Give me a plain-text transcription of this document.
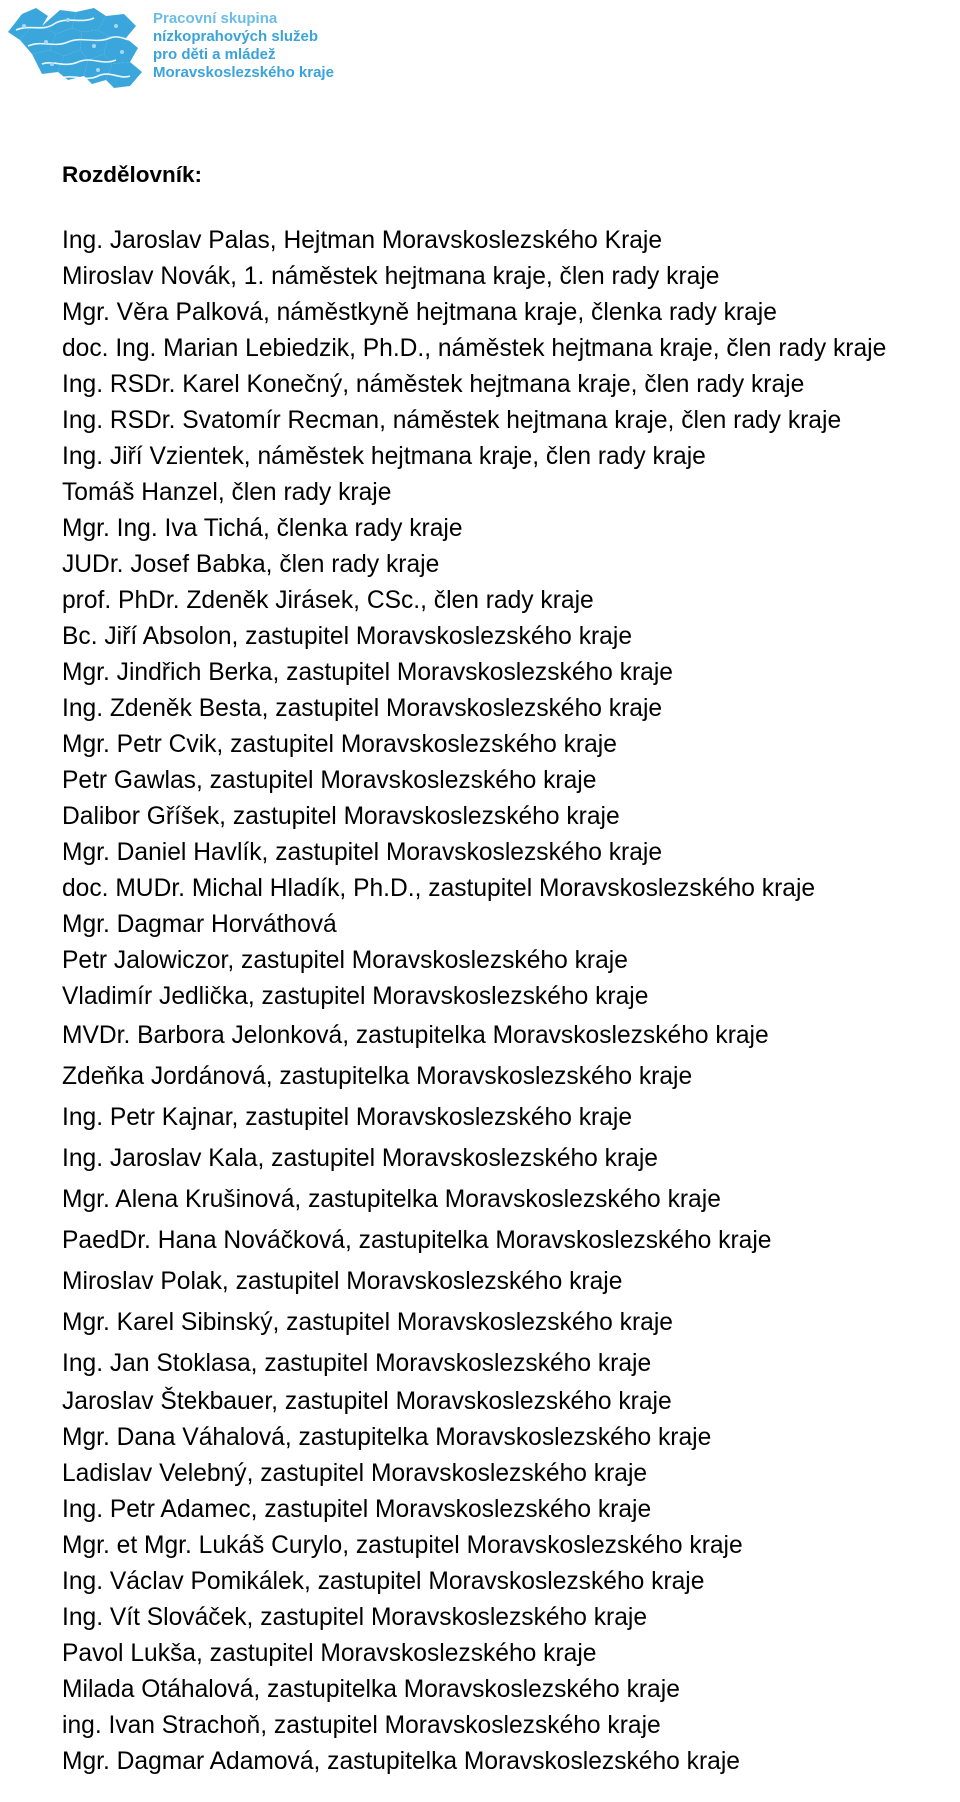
Pracovní skupina
nízkoprahových služeb
pro děti a mládež
Moravskoslezského kraje
Rozdělovník:
Ing. Jaroslav Palas, Hejtman Moravskoslezského Kraje
Miroslav Novák, 1. náměstek hejtmana kraje, člen rady kraje
Mgr. Věra Palková, náměstkyně hejtmana kraje, členka rady kraje
doc. Ing. Marian Lebiedzik, Ph.D., náměstek hejtmana kraje, člen rady kraje
Ing. RSDr. Karel Konečný, náměstek hejtmana kraje, člen rady kraje
Ing. RSDr. Svatomír Recman, náměstek hejtmana kraje, člen rady kraje
Ing. Jiří Vzientek, náměstek hejtmana kraje, člen rady kraje
Tomáš Hanzel, člen rady kraje
Mgr. Ing. Iva Tichá, členka rady kraje
JUDr. Josef Babka, člen rady kraje
prof. PhDr. Zdeněk Jirásek, CSc., člen rady kraje
Bc. Jiří Absolon, zastupitel Moravskoslezského kraje
Mgr. Jindřich Berka, zastupitel Moravskoslezského kraje
Ing. Zdeněk Besta, zastupitel Moravskoslezského kraje
Mgr. Petr Cvik, zastupitel Moravskoslezského kraje
Petr Gawlas, zastupitel Moravskoslezského kraje
Dalibor Gříšek, zastupitel Moravskoslezského kraje
Mgr. Daniel Havlík, zastupitel Moravskoslezského kraje
doc. MUDr. Michal Hladík, Ph.D., zastupitel Moravskoslezského kraje
Mgr. Dagmar Horváthová
Petr Jalowiczor, zastupitel Moravskoslezského kraje
Vladimír Jedlička, zastupitel Moravskoslezského kraje
MVDr. Barbora Jelonková, zastupitelka Moravskoslezského kraje
Zdeňka Jordánová, zastupitelka Moravskoslezského kraje
Ing. Petr Kajnar, zastupitel Moravskoslezského kraje
Ing. Jaroslav Kala, zastupitel Moravskoslezského kraje
Mgr. Alena Krušinová, zastupitelka Moravskoslezského kraje
PaedDr. Hana Nováčková, zastupitelka Moravskoslezského kraje
Miroslav Polak, zastupitel Moravskoslezského kraje
Mgr. Karel Sibinský, zastupitel Moravskoslezského kraje
Ing. Jan Stoklasa, zastupitel Moravskoslezského kraje
Jaroslav Štekbauer, zastupitel Moravskoslezského kraje
Mgr. Dana Váhalová, zastupitelka Moravskoslezského kraje
Ladislav Velebný, zastupitel Moravskoslezského kraje
Ing. Petr Adamec, zastupitel Moravskoslezského kraje
Mgr. et Mgr. Lukáš Curylo, zastupitel Moravskoslezského kraje
Ing. Václav Pomikálek, zastupitel Moravskoslezského kraje
Ing. Vít Slováček, zastupitel Moravskoslezského kraje
Pavol Lukša, zastupitel Moravskoslezského kraje
Milada Otáhalová, zastupitelka Moravskoslezského kraje
ing. Ivan Strachoň, zastupitel Moravskoslezského kraje
Mgr. Dagmar Adamová, zastupitelka Moravskoslezského kraje
